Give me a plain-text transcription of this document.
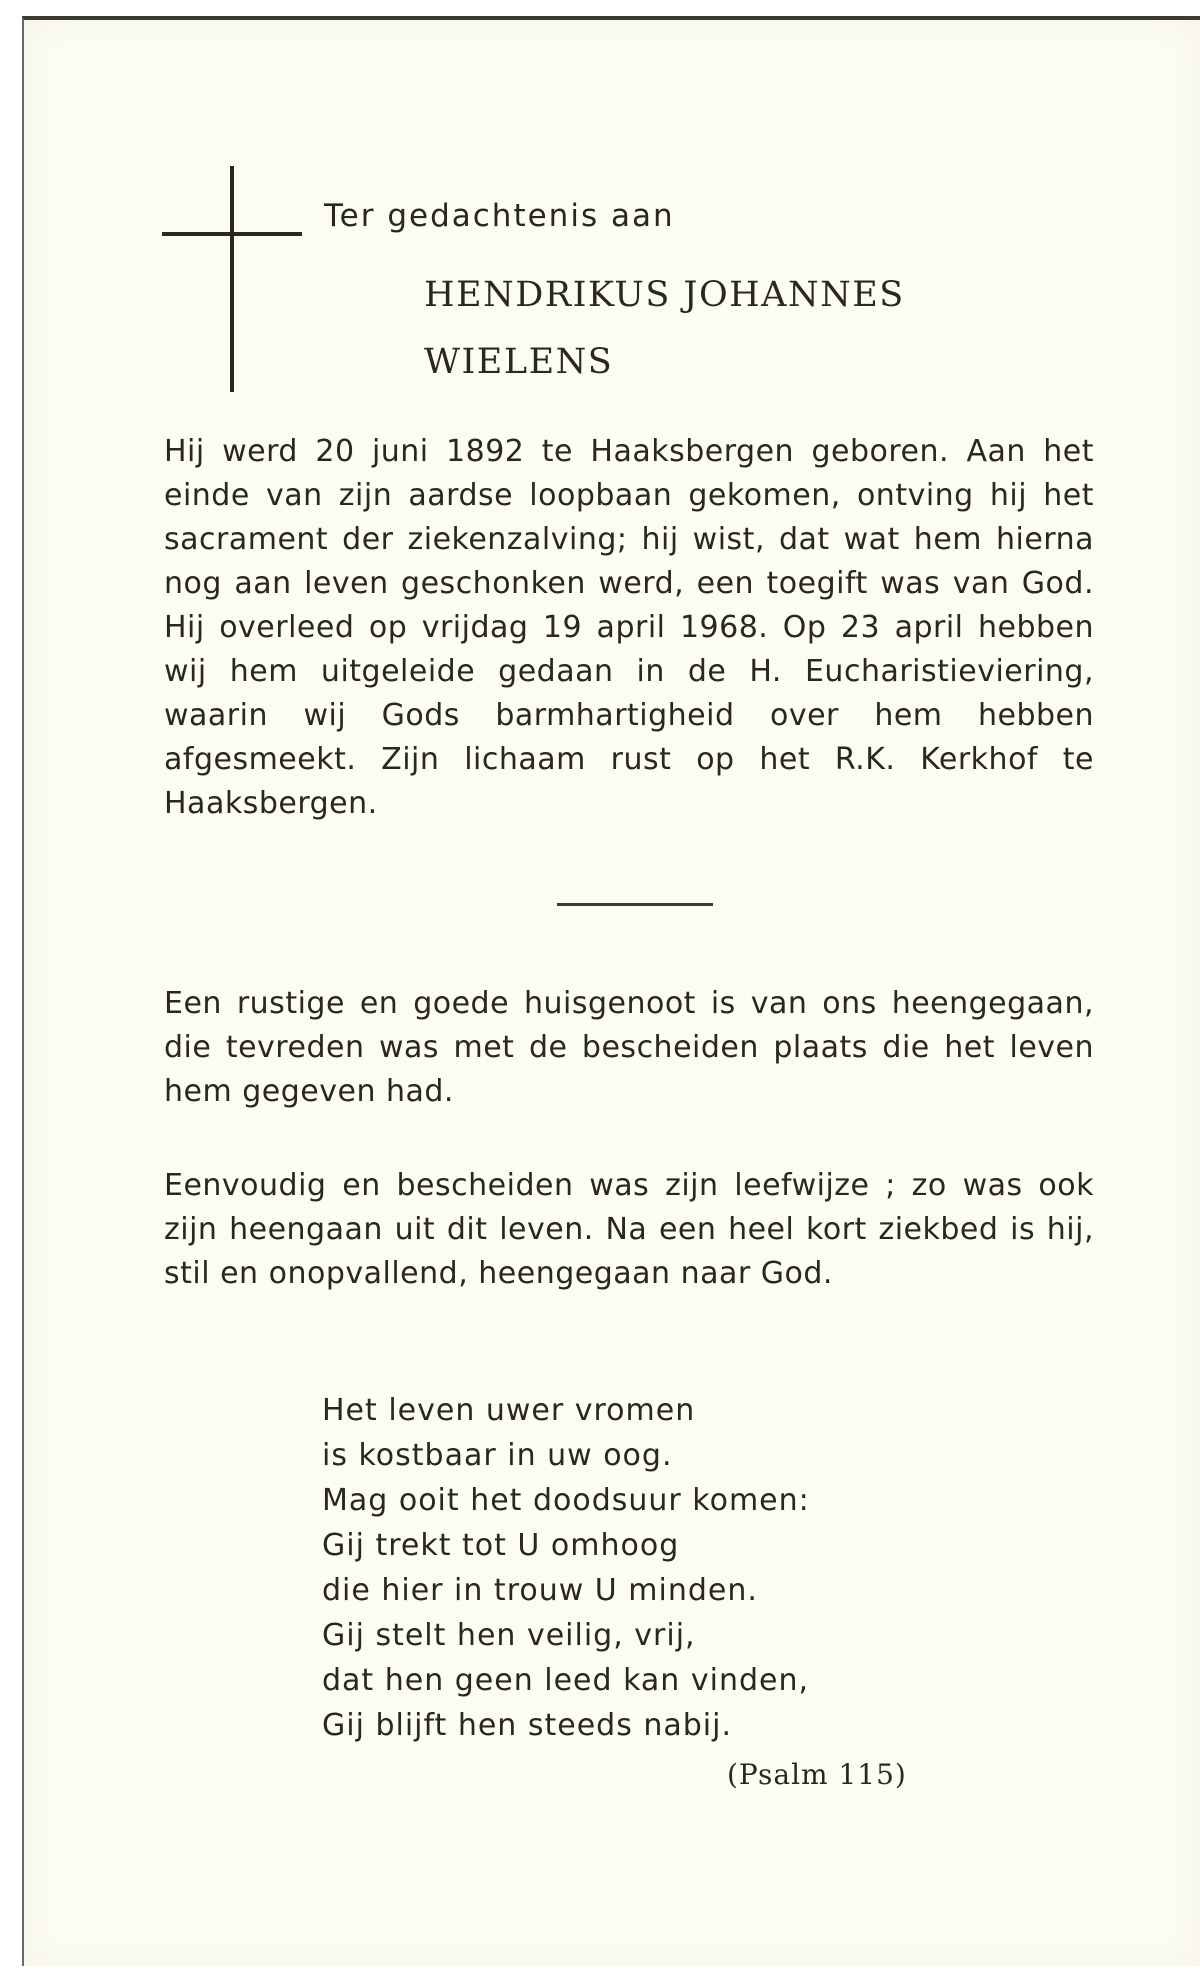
Ter gedachtenis aan
HENDRIKUS JOHANNES
WIELENS
Hij werd 20 juni 1892 te Haaksbergen geboren. Aan het einde van zijn aardse loopbaan gekomen, ontving hij het sacrament der ziekenzalving; hij wist, dat wat hem hierna nog aan leven geschonken werd, een toegift was van God. Hij overleed op vrijdag 19 april 1968. Op 23 april hebben wij hem uitgeleide gedaan in de H. Eucharistieviering, waarin wij Gods barmhartigheid over hem hebben afgesmeekt. Zijn lichaam rust op het R.K. Kerkhof te Haaksbergen.
Een rustige en goede huisgenoot is van ons heengegaan, die tevreden was met de bescheiden plaats die het leven hem gegeven had.
Eenvoudig en bescheiden was zijn leefwijze ; zo was ook zijn heengaan uit dit leven. Na een heel kort ziekbed is hij, stil en onopvallend, heengegaan naar God.
Het leven uwer vromen
is kostbaar in uw oog.
Mag ooit het doodsuur komen:
Gij trekt tot U omhoog
die hier in trouw U minden.
Gij stelt hen veilig, vrij,
dat hen geen leed kan vinden,
Gij blijft hen steeds nabij.
(Psalm 115)
